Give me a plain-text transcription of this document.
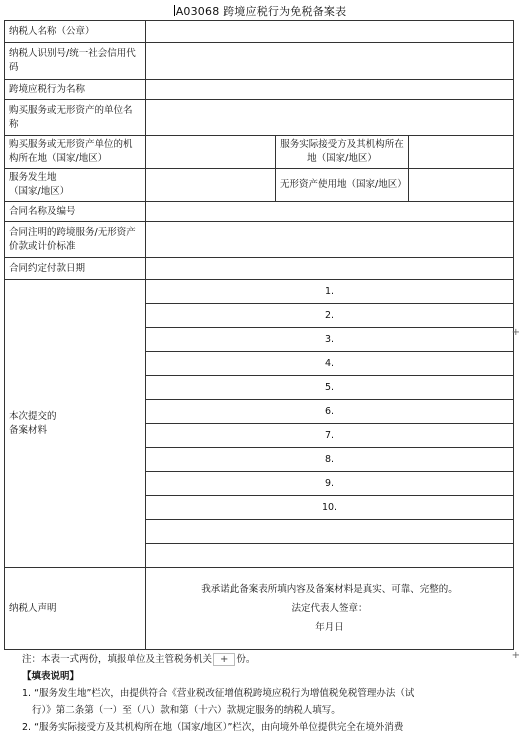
A03068 跨境应税行为免税备案表
纳税人名称（公章）			
纳税人识别号/统一社会信用代码			
跨境应税行为名称			
购买服务或无形资产的单位名称			
购买服务或无形资产单位的机构所在地（国家/地区）		服务实际接受方及其机构所在地（国家/地区）	

服务发生地
（国家/地区）		无形资产使用地（国家/地区）	
合同名称及编号			
合同注明的跨境服务/无形资产价款或计价标准			
合同约定付款日期			

本次提交的
备案材料	1.		
	2.		
	3.		
	4.		
	5.		
	6.		
	7.		
	8.		
	9.		
	10.		

纳税人声明	我承诺此备案表所填内容及备案材料是真实、可靠、完整的。
法定代表人签章：
年月日		
+
+
注：本表一式两份，填报单位及主管税务机关 + 份。
【填表说明】
1. “服务发生地”栏次，由提供符合《营业税改征增值税跨境应税行为增值税免税管理办法（试
行）》第二条第（一）至（八）款和第（十六）款规定服务的纳税人填写。
2. “服务实际接受方及其机构所在地（国家/地区）”栏次，由向境外单位提供完全在境外消费
